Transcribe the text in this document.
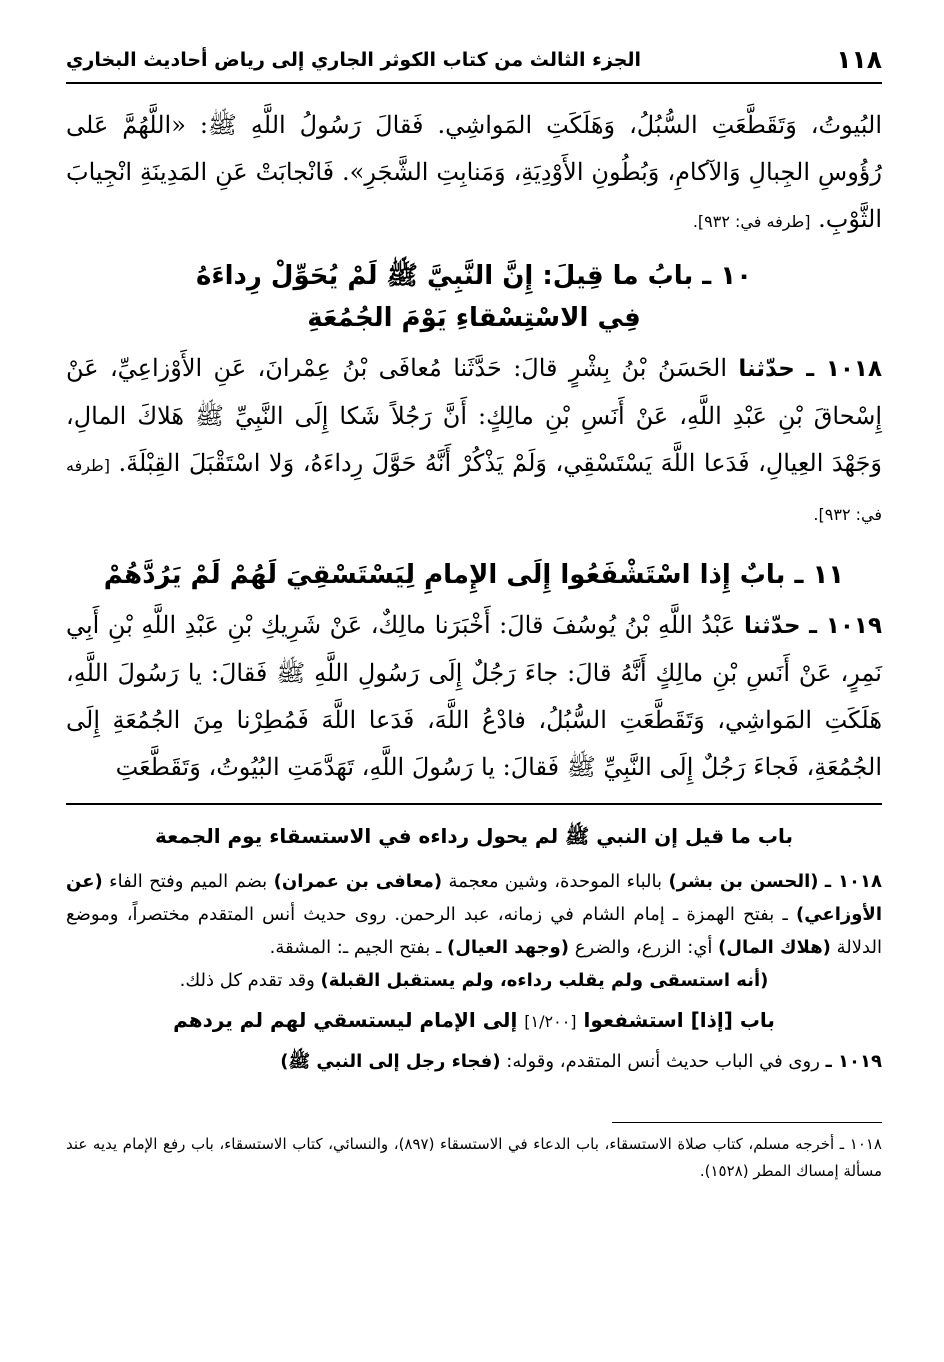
١١٨
الجزء الثالث من كتاب الكوثر الجاري إلى رياض أحاديث البخاري

البُيوتُ، وَتَقَطَّعَتِ السُّبُلُ، وَهَلَكَتِ المَواشِي. فَقالَ رَسُولُ اللَّهِ ﷺ: «اللَّهُمَّ عَلى رُؤُوسِ الجِبالِ وَالآكامِ، وَبُطُونِ الأَوْدِيَةِ، وَمَنابِتِ الشَّجَرِ». فَانْجابَتْ عَنِ المَدِينَةِ انْجِيابَ الثَّوْبِ. [طرفه في: ٩٣٢].

١٠ ـ بابُ ما قِيلَ: إِنَّ النَّبِيَّ ﷺ لَمْ يُحَوِّلْ رِداءَهُ
فِي الاسْتِسْقاءِ يَوْمَ الجُمُعَةِ

١٠١٨ ـ حدّثنا الحَسَنُ بْنُ بِشْرٍ قالَ: حَدَّثَنا مُعافَى بْنُ عِمْرانَ، عَنِ الأَوْزاعِيِّ، عَنْ إِسْحاقَ بْنِ عَبْدِ اللَّهِ، عَنْ أَنَسِ بْنِ مالِكٍ: أَنَّ رَجُلاً شَكا إِلَى النَّبِيِّ ﷺ هَلاكَ المالِ، وَجَهْدَ العِيالِ، فَدَعا اللَّهَ يَسْتَسْقِي، وَلَمْ يَذْكُرْ أَنَّهُ حَوَّلَ رِداءَهُ، وَلا اسْتَقْبَلَ القِبْلَةَ. [طرفه في: ٩٣٢].

١١ ـ بابٌ إِذا اسْتَشْفَعُوا إِلَى الإِمامِ لِيَسْتَسْقِيَ لَهُمْ لَمْ يَرُدَّهُمْ

١٠١٩ ـ حدّثنا عَبْدُ اللَّهِ بْنُ يُوسُفَ قالَ: أَخْبَرَنا مالِكٌ، عَنْ شَرِيكِ بْنِ عَبْدِ اللَّهِ بْنِ أَبِي نَمِرٍ، عَنْ أَنَسِ بْنِ مالِكٍ أَنَّهُ قالَ: جاءَ رَجُلٌ إِلَى رَسُولِ اللَّهِ ﷺ فَقالَ: يا رَسُولَ اللَّهِ، هَلَكَتِ المَواشِي، وَتَقَطَّعَتِ السُّبُلُ، فادْعُ اللَّهَ، فَدَعا اللَّهَ فَمُطِرْنا مِنَ الجُمُعَةِ إِلَى الجُمُعَةِ، فَجاءَ رَجُلٌ إِلَى النَّبِيِّ ﷺ فَقالَ: يا رَسُولَ اللَّهِ، تَهَدَّمَتِ البُيُوتُ، وَتَقَطَّعَتِ

باب ما قيل إن النبي ﷺ لم يحول رداءه في الاستسقاء يوم الجمعة

١٠١٨ ـ (الحسن بن بشر) بالباء الموحدة، وشين معجمة (معافى بن عمران) بضم الميم وفتح الفاء (عن الأوزاعي) ـ بفتح الهمزة ـ إمام الشام في زمانه، عبد الرحمن. روى حديث أنس المتقدم مختصراً، وموضع الدلالة (هلاك المال) أي: الزرع، والضرع (وجهد العيال) ـ بفتح الجيم ـ: المشقة.

(أنه استسقى ولم يقلب رداءه، ولم يستقبل القبلة) وقد تقدم كل ذلك.

باب [إذا] استشفعوا [١/٢٠٠] إلى الإمام ليستسقي لهم لم يردهم

١٠١٩ ـ روى في الباب حديث أنس المتقدم، وقوله: (فجاء رجل إلى النبي ﷺ)

١٠١٨ ـ أخرجه مسلم، كتاب صلاة الاستسقاء، باب الدعاء في الاستسقاء (٨٩٧)، والنسائي، كتاب الاستسقاء، باب رفع الإمام يديه عند مسألة إمساك المطر (١٥٢٨).
